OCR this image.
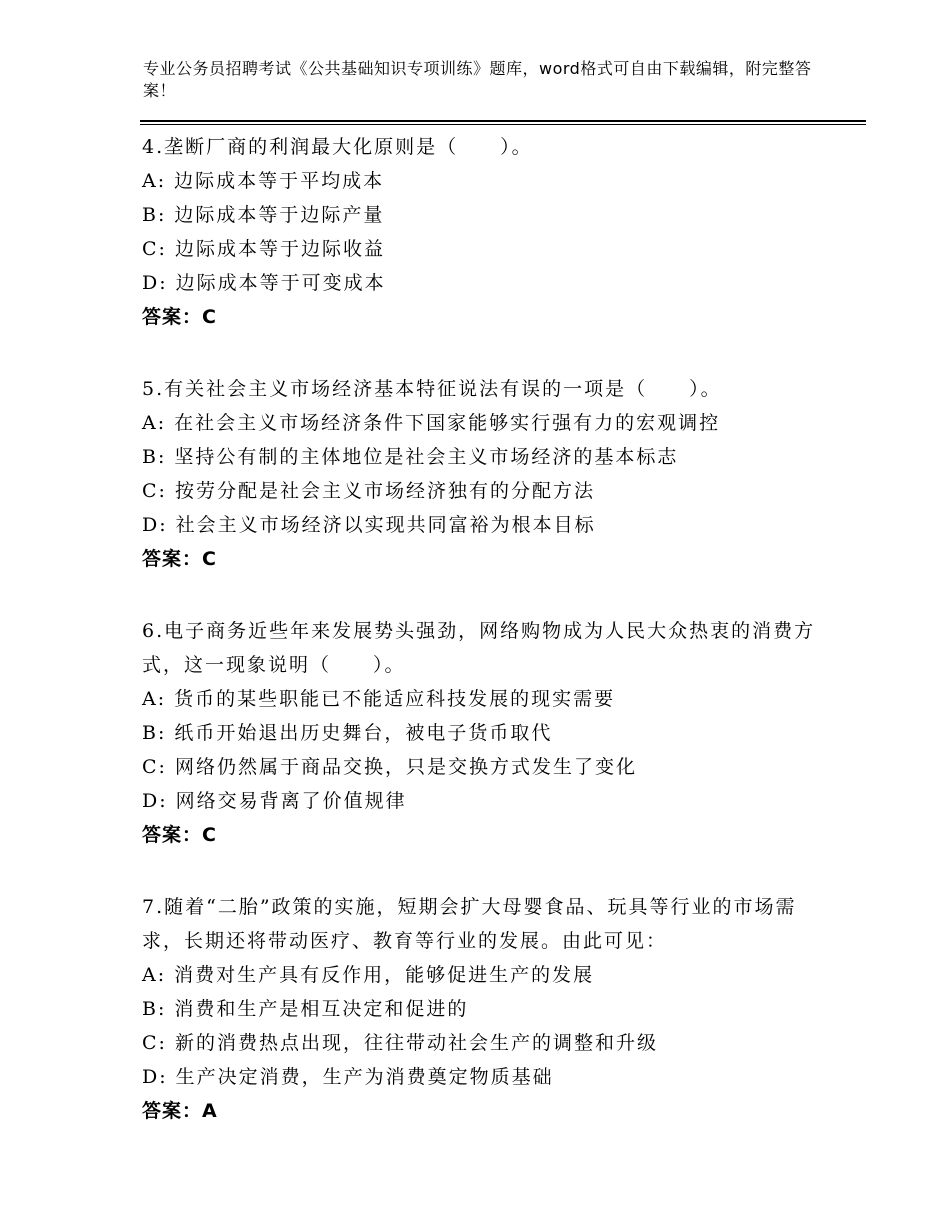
专业公务员招聘考试《公共基础知识专项训练》题库，word格式可自由下载编辑，附完整答案！

4.垄断厂商的利润最大化原则是（　　）。

A: 边际成本等于平均成本

B: 边际成本等于边际产量

C: 边际成本等于边际收益

D: 边际成本等于可变成本

答案：C

5.有关社会主义市场经济基本特征说法有误的一项是（　　）。

A: 在社会主义市场经济条件下国家能够实行强有力的宏观调控

B: 坚持公有制的主体地位是社会主义市场经济的基本标志

C: 按劳分配是社会主义市场经济独有的分配方法

D: 社会主义市场经济以实现共同富裕为根本目标

答案：C

6.电子商务近些年来发展势头强劲，网络购物成为人民大众热衷的消费方式，这一现象说明（　　）。

A: 货币的某些职能已不能适应科技发展的现实需要

B: 纸币开始退出历史舞台，被电子货币取代

C: 网络仍然属于商品交换，只是交换方式发生了变化

D: 网络交易背离了价值规律

答案：C

7.随着“二胎”政策的实施，短期会扩大母婴食品、玩具等行业的市场需求，长期还将带动医疗、教育等行业的发展。由此可见：

A: 消费对生产具有反作用，能够促进生产的发展

B: 消费和生产是相互决定和促进的

C: 新的消费热点出现，往往带动社会生产的调整和升级

D: 生产决定消费，生产为消费奠定物质基础

答案：A
